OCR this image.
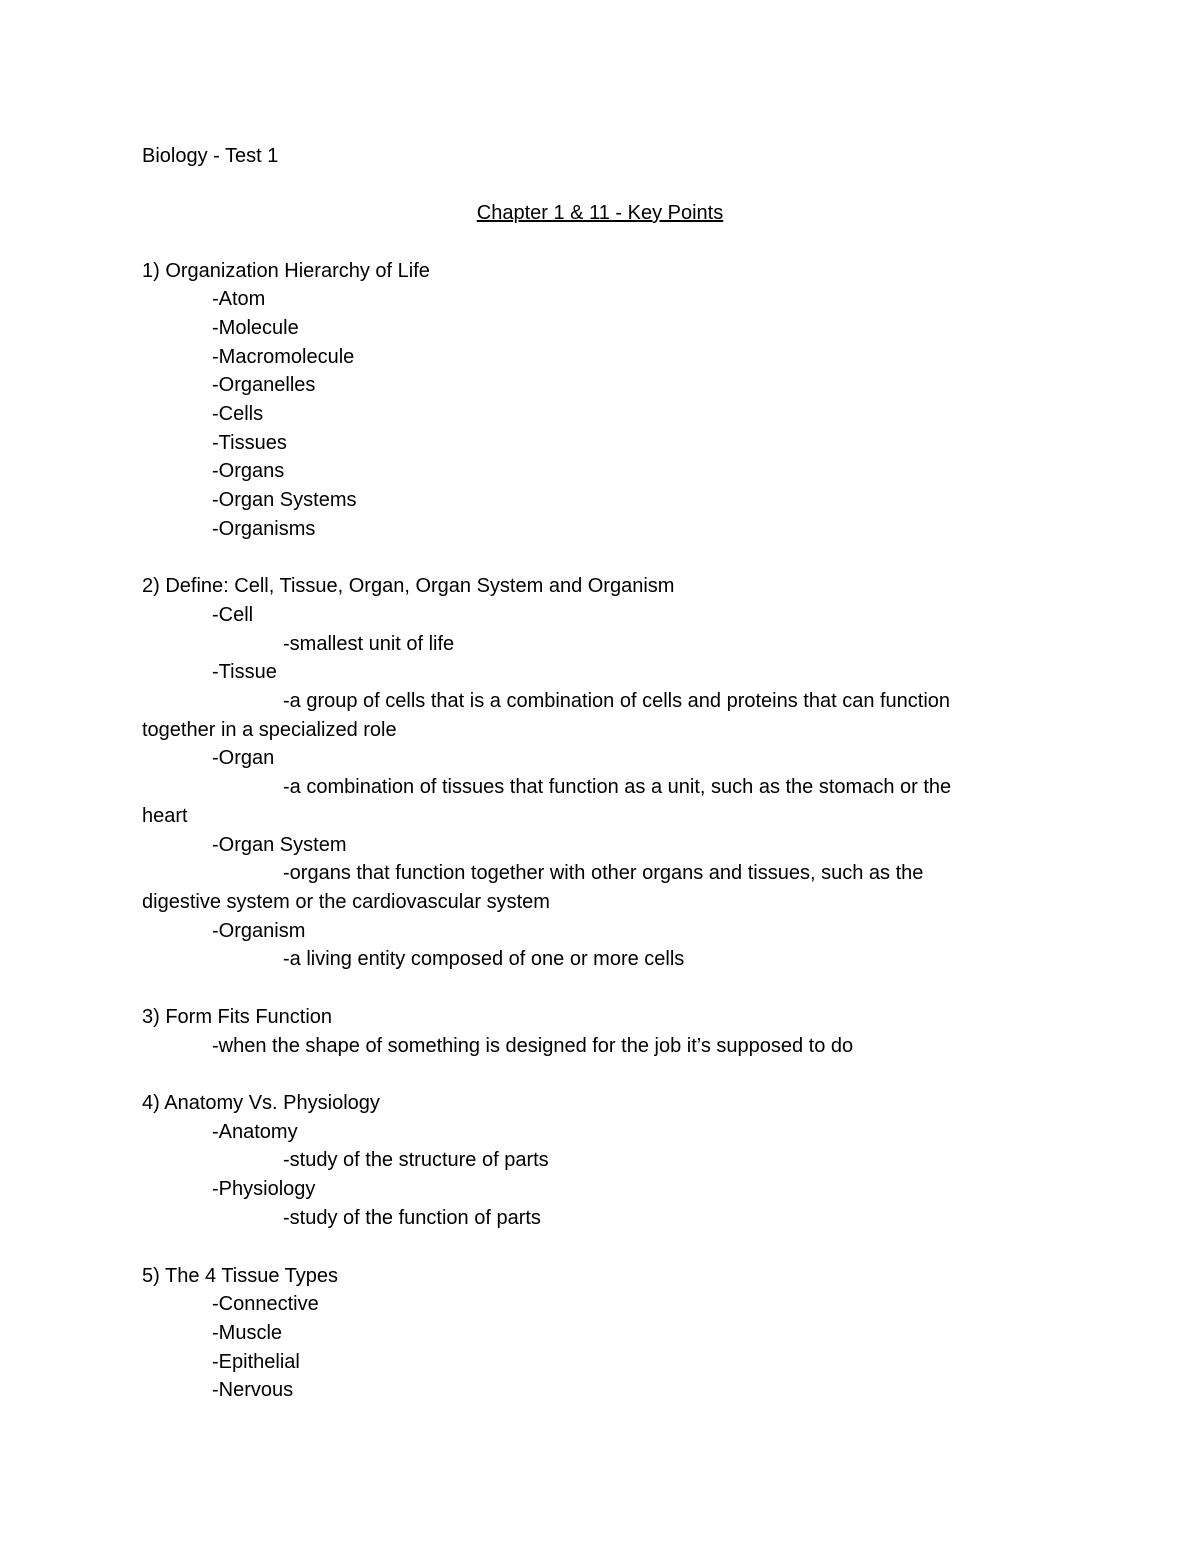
Biology - Test 1
Chapter 1 & 11 - Key Points
1) Organization Hierarchy of Life
-Atom
-Molecule
-Macromolecule
-Organelles
-Cells
-Tissues
-Organs
-Organ Systems
-Organisms
2) Define: Cell, Tissue, Organ, Organ System and Organism
-Cell
-smallest unit of life
-Tissue
-a group of cells that is a combination of cells and proteins that can function
together in a specialized role
-Organ
-a combination of tissues that function as a unit, such as the stomach or the
heart
-Organ System
-organs that function together with other organs and tissues, such as the
digestive system or the cardiovascular system
-Organism
-a living entity composed of one or more cells
3) Form Fits Function
-when the shape of something is designed for the job it’s supposed to do
4) Anatomy Vs. Physiology
-Anatomy
-study of the structure of parts
-Physiology
-study of the function of parts
5) The 4 Tissue Types
-Connective
-Muscle
-Epithelial
-Nervous
